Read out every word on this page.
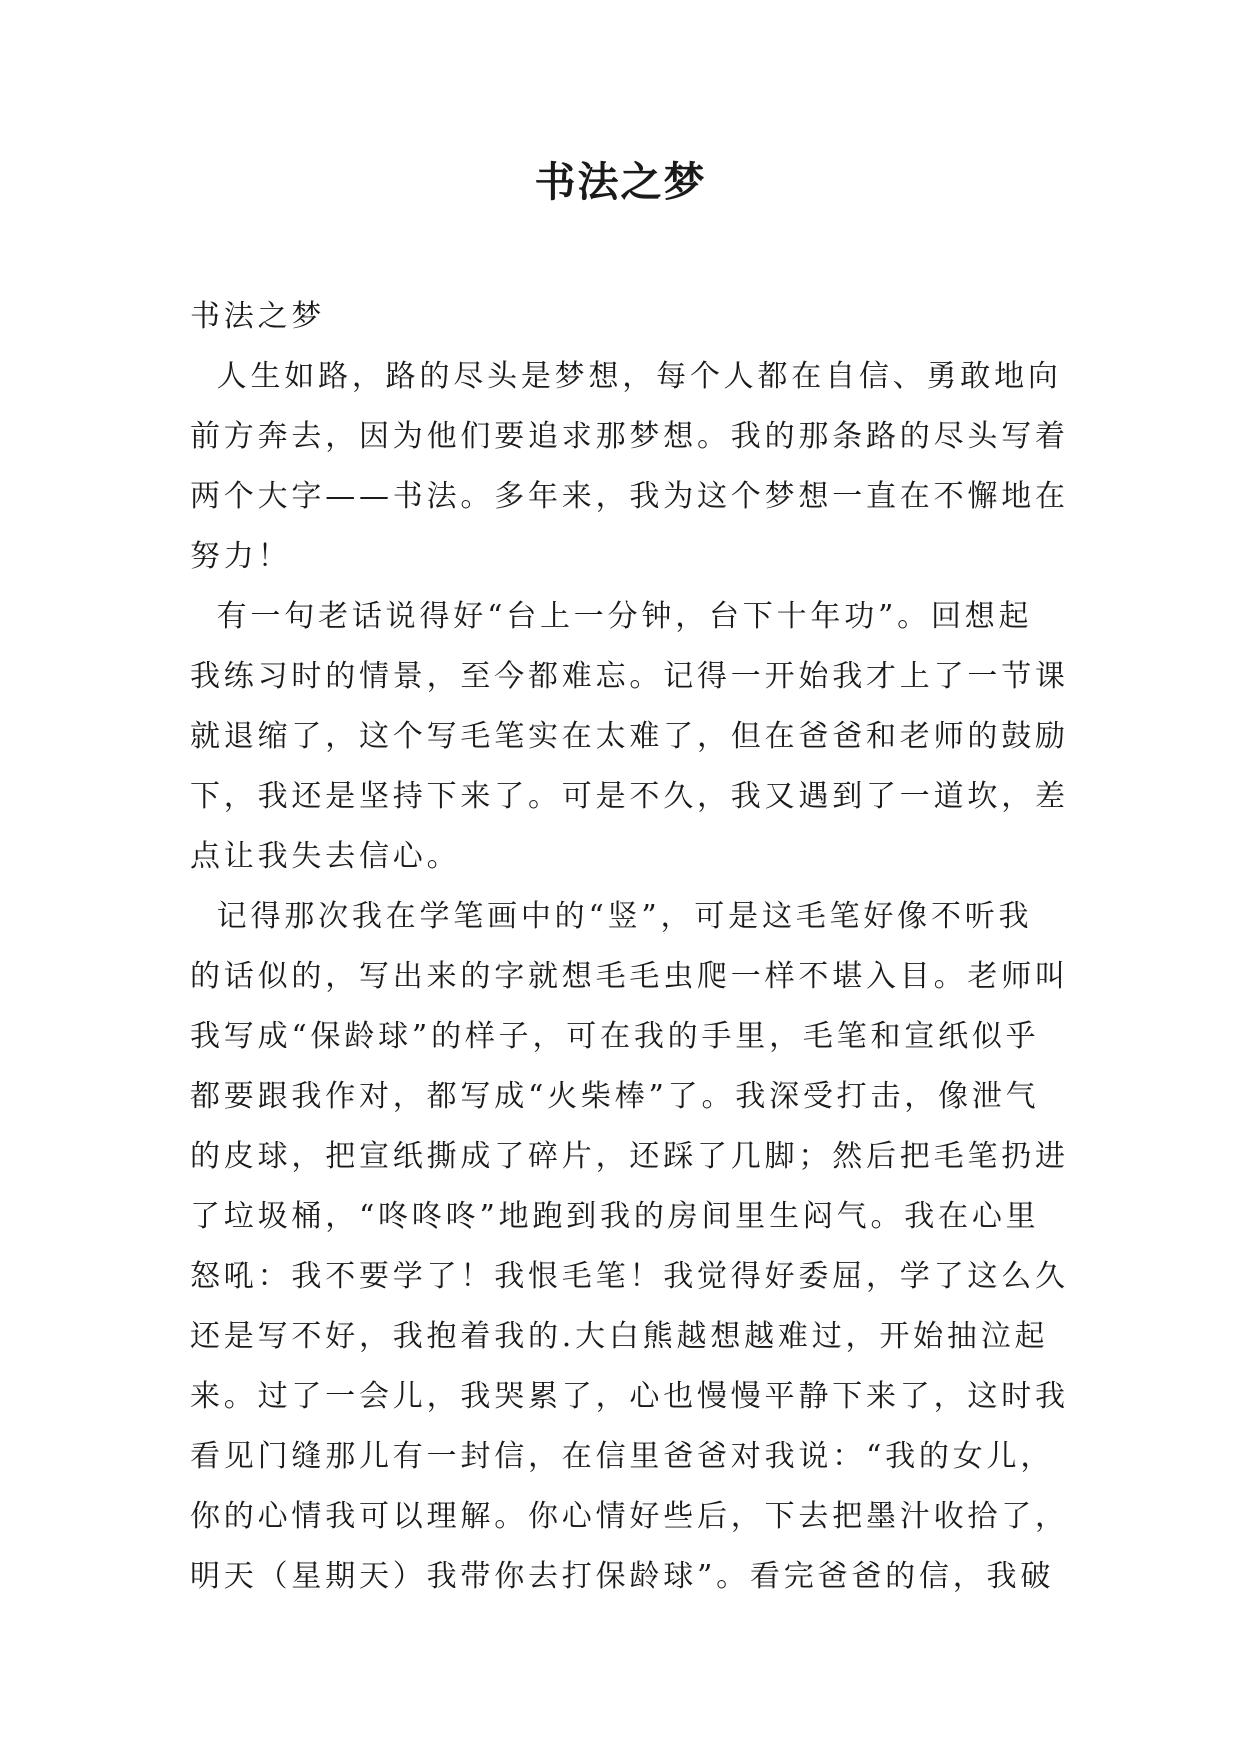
书法之梦
书法之梦
人生如路，路的尽头是梦想，每个人都在自信、勇敢地向
前方奔去，因为他们要追求那梦想。我的那条路的尽头写着
两个大字——书法。多年来，我为这个梦想一直在不懈地在
努力！
有一句老话说得好“台上一分钟，台下十年功”。回想起
我练习时的情景，至今都难忘。记得一开始我才上了一节课
就退缩了，这个写毛笔实在太难了，但在爸爸和老师的鼓励
下，我还是坚持下来了。可是不久，我又遇到了一道坎，差
点让我失去信心。
记得那次我在学笔画中的“竖”，可是这毛笔好像不听我
的话似的，写出来的字就想毛毛虫爬一样不堪入目。老师叫
我写成“保龄球”的样子，可在我的手里，毛笔和宣纸似乎
都要跟我作对，都写成“火柴棒”了。我深受打击，像泄气
的皮球，把宣纸撕成了碎片，还踩了几脚；然后把毛笔扔进
了垃圾桶，“咚咚咚”地跑到我的房间里生闷气。我在心里
怒吼：我不要学了！我恨毛笔！我觉得好委屈，学了这么久
还是写不好，我抱着我的.大白熊越想越难过，开始抽泣起
来。过了一会儿，我哭累了，心也慢慢平静下来了，这时我
看见门缝那儿有一封信，在信里爸爸对我说：“我的女儿，
你的心情我可以理解。你心情好些后，下去把墨汁收拾了，
明天（星期天）我带你去打保龄球”。看完爸爸的信，我破
